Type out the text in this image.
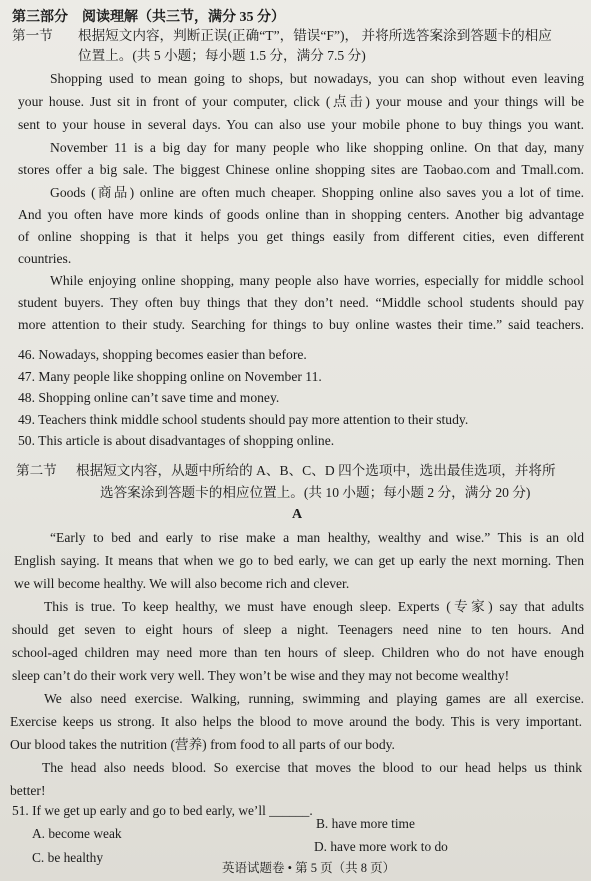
第三部分　阅读理解（共三节，满分 35 分）
第一节 根据短文内容，判断正误(正确“T”，错误“F”)， 并将所选答案涂到答题卡的相应
位置上。(共 5 小题；每小题 1.5 分，满分 7.5 分)
Shopping used to mean going to shops, but nowadays, you can shop without even leaving
your house. Just sit in front of your computer, click (点击) your mouse and your things will be
sent to your house in several days. You can also use your mobile phone to buy things you want.
November 11 is a big day for many people who like shopping online. On that day, many
stores offer a big sale. The biggest Chinese online shopping sites are Taobao.com and Tmall.com.
Goods (商品) online are often much cheaper. Shopping online also saves you a lot of time.
And you often have more kinds of goods online than in shopping centers. Another big advantage
of online shopping is that it helps you get things easily from different cities, even different
countries.
While enjoying online shopping, many people also have worries, especially for middle school
student buyers. They often buy things that they don’t need. “Middle school students should pay
more attention to their study. Searching for things to buy online wastes their time.” said teachers.
46. Nowadays, shopping becomes easier than before.
47. Many people like shopping online on November 11.
48. Shopping online can’t save time and money.
49. Teachers think middle school students should pay more attention to their study.
50. This article is about disadvantages of shopping online.
第二节 根据短文内容，从题中所给的 A、B、C、D 四个选项中，选出最佳选项，并将所
选答案涂到答题卡的相应位置上。(共 10 小题；每小题 2 分，满分 20 分)
A
“Early to bed and early to rise make a man healthy, wealthy and wise.” This is an old
English saying. It means that when we go to bed early, we can get up early the next morning. Then
we will become healthy. We will also become rich and clever.
This is true. To keep healthy, we must have enough sleep. Experts (专家) say that adults
should get seven to eight hours of sleep a night. Teenagers need nine to ten hours. And
school-aged children may need more than ten hours of sleep. Children who do not have enough
sleep can’t do their work very well. They won’t be wise and they may not become wealthy!
We also need exercise. Walking, running, swimming and playing games are all exercise.
Exercise keeps us strong. It also helps the blood to move around the body. This is very important.
Our blood takes the nutrition (营养) from food to all parts of our body.
The head also needs blood. So exercise that moves the blood to our head helps us think
better!
51. If we get up early and go to bed early, we’ll ______.
A. become weak
B. have more time
C. be healthy
D. have more work to do
英语试题卷 • 第 5 页（共 8 页）
